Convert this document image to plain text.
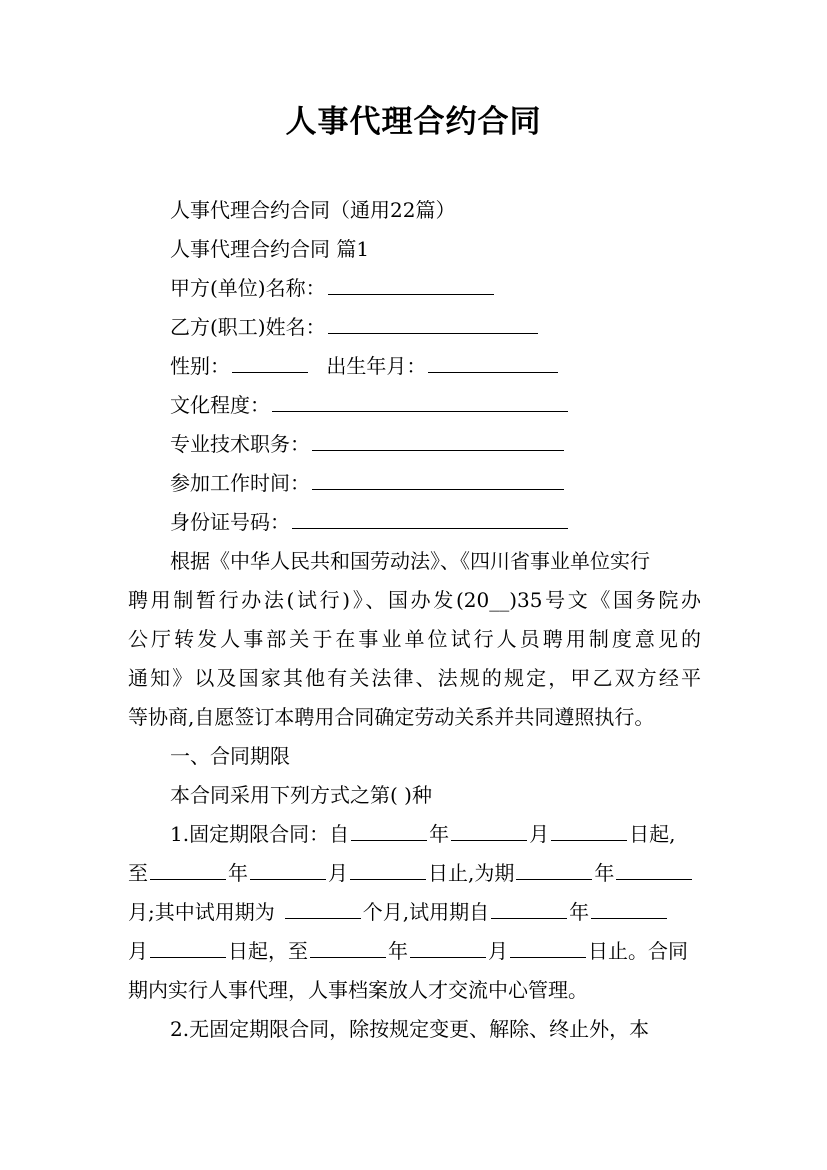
人事代理合约合同
人事代理合约合同（通用22篇）
人事代理合约合同 篇1
甲方(单位)名称：
乙方(职工)姓名：
性别：	出生年月：
文化程度：
专业技术职务：
参加工作时间：
身份证号码：
根据《中华人民共和国劳动法》、《四川省事业单位实行
聘用制暂行办法(试行)》、国办发(20__)35号文《国务院办
公厅转发人事部关于在事业单位试行人员聘用制度意见的
通知》以及国家其他有关法律、法规的规定，甲乙双方经平
等协商,自愿签订本聘用合同确定劳动关系并共同遵照执行。
一、合同期限
本合同采用下列方式之第( )种
1.固定期限合同：自	年	月	日起,
至	年	月	日止,为期	年
月;其中试用期为	个月,试用期自	年
月	日起，至	年	月	日止。合同
期内实行人事代理，人事档案放人才交流中心管理。
2.无固定期限合同，除按规定变更、解除、终止外，本
